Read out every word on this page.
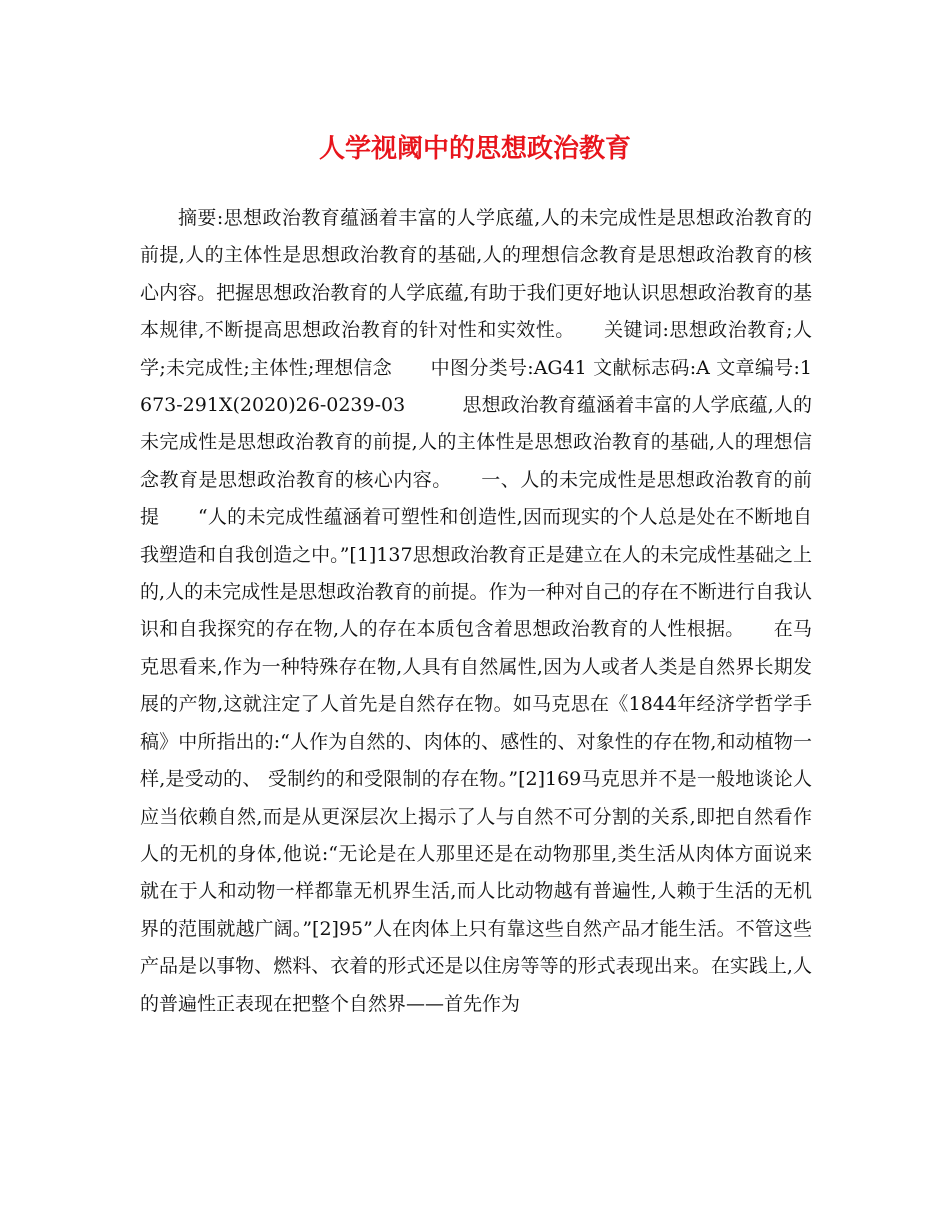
人学视阈中的思想政治教育

摘要:思想政治教育蕴涵着丰富的人学底蕴,人的未完成性是思想政治教育的前提,人的主体性是思想政治教育的基础,人的理想信念教育是思想政治教育的核心内容。把握思想政治教育的人学底蕴,有助于我们更好地认识思想政治教育的基本规律,不断提高思想政治教育的针对性和实效性。　　关键词:思想政治教育;人学;未完成性;主体性;理想信念　　中图分类号:AG41 文献标志码:A 文章编号:1673-291X(2020)26-0239-03　　　思想政治教育蕴涵着丰富的人学底蕴,人的未完成性是思想政治教育的前提,人的主体性是思想政治教育的基础,人的理想信念教育是思想政治教育的核心内容。　　一、人的未完成性是思想政治教育的前提　　“人的未完成性蕴涵着可塑性和创造性,因而现实的个人总是处在不断地自我塑造和自我创造之中。”[1]137思想政治教育正是建立在人的未完成性基础之上的,人的未完成性是思想政治教育的前提。作为一种对自己的存在不断进行自我认识和自我探究的存在物,人的存在本质包含着思想政治教育的人性根据。　　在马克思看来,作为一种特殊存在物,人具有自然属性,因为人或者人类是自然界长期发展的产物,这就注定了人首先是自然存在物。如马克思在《1844年经济学哲学手稿》中所指出的:“人作为自然的、肉体的、感性的、对象性的存在物,和动植物一样,是受动的、 受制约的和受限制的存在物。”[2]169马克思并不是一般地谈论人应当依赖自然,而是从更深层次上揭示了人与自然不可分割的关系,即把自然看作人的无机的身体,他说:“无论是在人那里还是在动物那里,类生活从肉体方面说来就在于人和动物一样都靠无机界生活,而人比动物越有普遍性,人赖于生活的无机界的范围就越广阔。”[2]95”人在肉体上只有靠这些自然产品才能生活。不管这些产品是以事物、燃料、衣着的形式还是以住房等等的形式表现出来。在实践上,人的普遍性正表现在把整个自然界——首先作为
